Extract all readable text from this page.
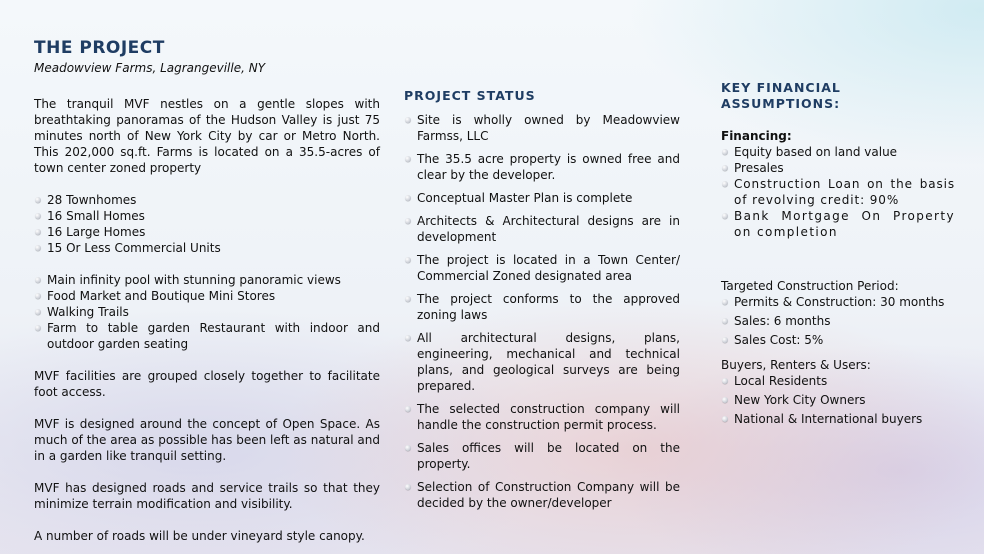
THE PROJECT
Meadowview Farms, Lagrangeville, NY

The tranquil MVF nestles on a gentle slopes with breathtaking panoramas of the Hudson Valley is just 75 minutes north of New York City by car or Metro North. This 202,000 sq.ft. Farms is located on a 35.5-acres of town center zoned property

28 Townhomes
16 Small Homes
16 Large Homes
15 Or Less Commercial Units
Main infinity pool with stunning panoramic views
Food Market and Boutique Mini Stores
Walking Trails
Farm to table garden Restaurant with indoor and outdoor garden seating

MVF facilities are grouped closely together to facilitate foot access.

MVF is designed around the concept of Open Space. As much of the area as possible has been left as natural and in a garden like tranquil setting.

MVF has designed roads and service trails so that they minimize terrain modification and visibility.

A number of roads will be under vineyard style canopy.

PROJECT STATUS
Site is wholly owned by Meadowview Farmss, LLC
The 35.5 acre property is owned free and clear by the developer.
Conceptual Master Plan is complete
Architects & Architectural designs are in development
The project is located in a Town Center/ Commercial Zoned designated area
The project conforms to the approved zoning laws
All architectural designs, plans, engineering, mechanical and technical plans, and geological surveys are being prepared.
The selected construction company will handle the construction permit process.
Sales offices will be located on the property.
Selection of Construction Company will be decided by the owner/developer
KEY FINANCIAL ASSUMPTIONS:
Financing:
Equity based on land value
Presales
Construction Loan on the basis of revolving credit: 90%
Bank Mortgage On Property on completion
Targeted Construction Period:
Permits & Construction: 30 months
Sales: 6 months
Sales Cost: 5%
Buyers, Renters & Users:
Local Residents
New York City Owners
National & International buyers
